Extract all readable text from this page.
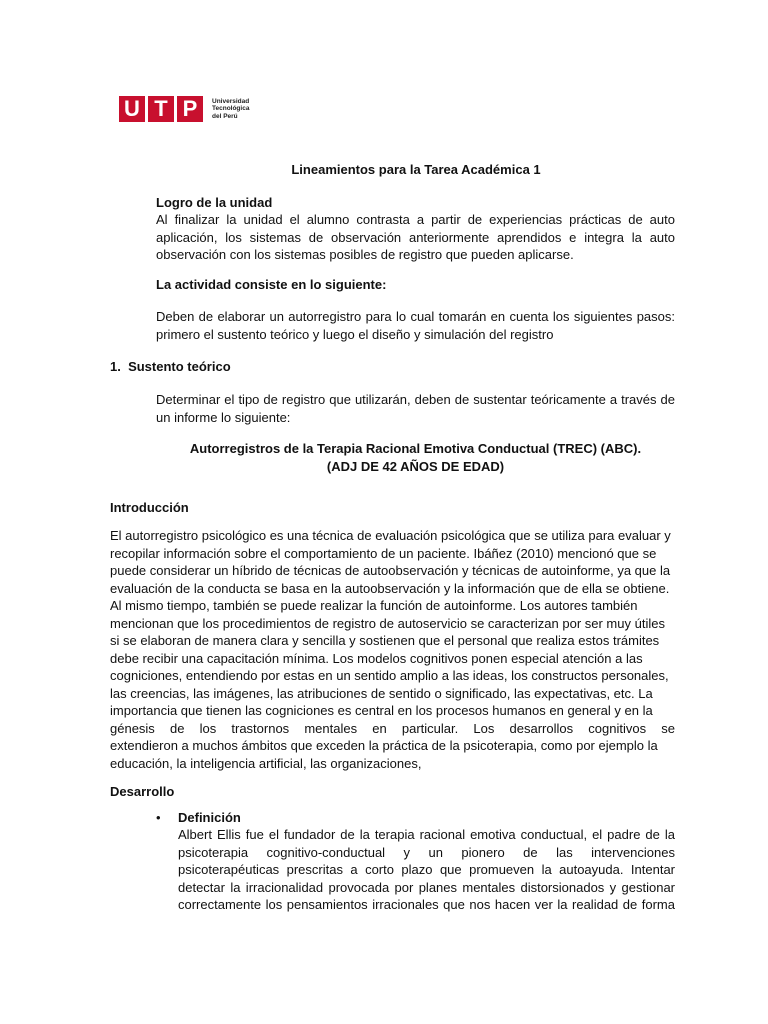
U T P	Universidad
Tecnológica
del Perú
Lineamientos para la Tarea Académica 1
Logro de la unidad
Al finalizar la unidad el alumno contrasta a partir de experiencias prácticas de auto
aplicación, los sistemas de observación anteriormente aprendidos e integra la auto
observación con los sistemas posibles de registro que pueden aplicarse.
La actividad consiste en lo siguiente:
Deben de elaborar un autorregistro para lo cual tomarán en cuenta los siguientes pasos:
primero el sustento teórico y luego el diseño y simulación del registro
1.  Sustento teórico
Determinar el tipo de registro que utilizarán, deben de sustentar teóricamente a través de
un informe lo siguiente:
Autorregistros de la Terapia Racional Emotiva Conductual (TREC) (ABC).
(ADJ DE 42 AÑOS DE EDAD)
Introducción
El autorregistro psicológico es una técnica de evaluación psicológica que se utiliza para evaluar y
recopilar información sobre el comportamiento de un paciente. Ibáñez (2010) mencionó que se
puede considerar un híbrido de técnicas de autoobservación y técnicas de autoinforme, ya que la
evaluación de la conducta se basa en la autoobservación y la información que de ella se obtiene.
Al mismo tiempo, también se puede realizar la función de autoinforme. Los autores también
mencionan que los procedimientos de registro de autoservicio se caracterizan por ser muy útiles
si se elaboran de manera clara y sencilla y sostienen que el personal que realiza estos trámites
debe recibir una capacitación mínima. Los modelos cognitivos ponen especial atención a las
cogniciones, entendiendo por estas en un sentido amplio a las ideas, los constructos personales,
las creencias, las imágenes, las atribuciones de sentido o significado, las expectativas, etc. La
importancia que tienen las cogniciones es central en los procesos humanos en general y en la
génesis de los trastornos mentales en particular. Los desarrollos cognitivos se
extendieron a muchos ámbitos que exceden la práctica de la psicoterapia, como por ejemplo la
educación, la inteligencia artificial, las organizaciones,
Desarrollo
• Definición
Albert Ellis fue el fundador de la terapia racional emotiva conductual, el padre de la
psicoterapia cognitivo-conductual y un pionero de las intervenciones
psicoterapéuticas prescritas a corto plazo que promueven la autoayuda. Intentar
detectar la irracionalidad provocada por planes mentales distorsionados y gestionar
correctamente los pensamientos irracionales que nos hacen ver la realidad de forma
